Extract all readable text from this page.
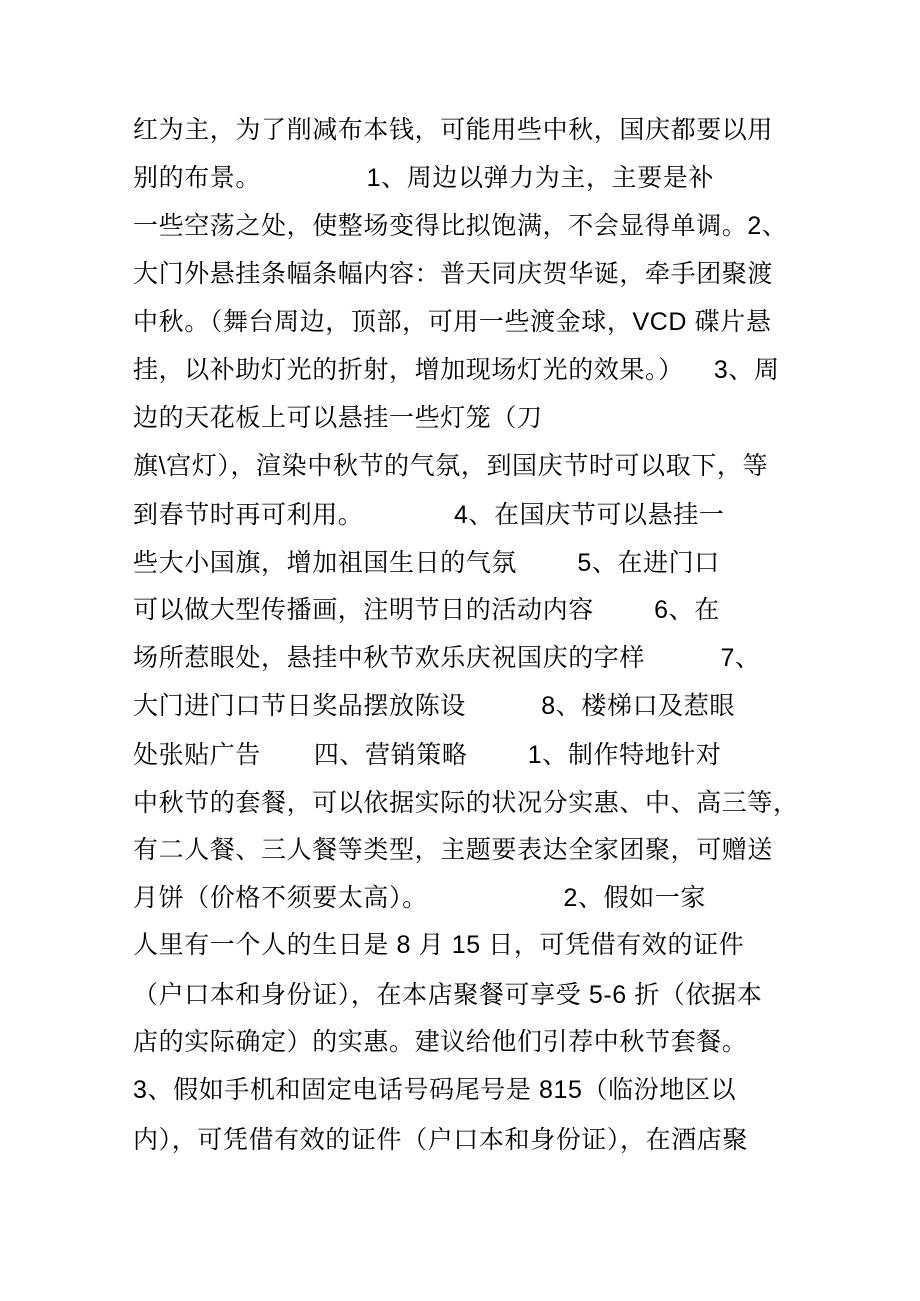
红为主，为了削减布本钱，可能用些中秋，国庆都要以用
别的布景。              1、周边以弹力为主，主要是补
一些空荡之处，使整场变得比拟饱满，不会显得单调。2、
大门外悬挂条幅条幅内容：普天同庆贺华诞，牵手团聚渡
中秋。（舞台周边，顶部，可用一些渡金球，VCD 碟片悬
挂，以补助灯光的折射，增加现场灯光的效果。）    3、周
边的天花板上可以悬挂一些灯笼（刀
旗\宫灯），渲染中秋节的气氛，到国庆节时可以取下，等
到春节时再可利用。            4、在国庆节可以悬挂一
些大小国旗，增加祖国生日的气氛        5、在进门口
可以做大型传播画，注明节日的活动内容        6、在
场所惹眼处，悬挂中秋节欢乐庆祝国庆的字样          7、
大门进门口节日奖品摆放陈设          8、楼梯口及惹眼
处张贴广告       四、营销策略        1、制作特地针对
中秋节的套餐，可以依据实际的状况分实惠、中、高三等，
有二人餐、三人餐等类型，主题要表达全家团聚，可赠送
月饼（价格不须要太高）。                  2、假如一家
人里有一个人的生日是 8 月 15 日，可凭借有效的证件
（户口本和身份证），在本店聚餐可享受 5-6 折（依据本
店的实际确定）的实惠。建议给他们引荐中秋节套餐。
3、假如手机和固定电话号码尾号是 815（临汾地区以
内），可凭借有效的证件（户口本和身份证），在酒店聚
